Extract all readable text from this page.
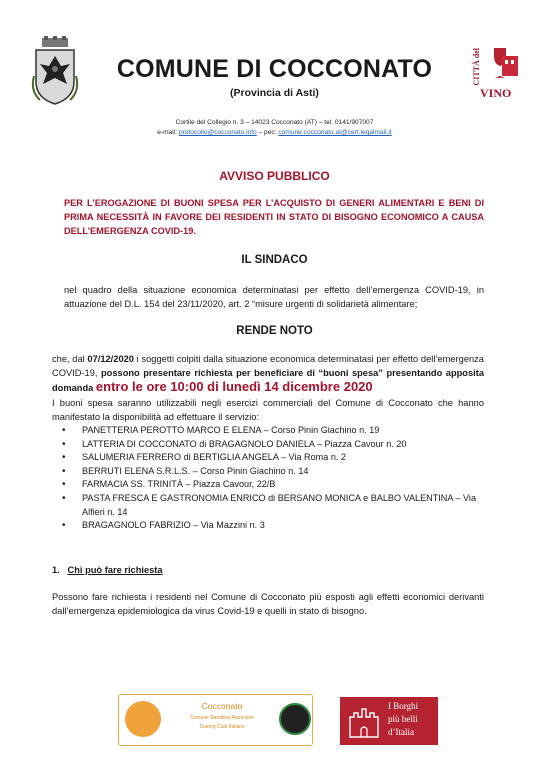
COMUNE DI COCCONATO
(Provincia di Asti)
CITTÀ del
VINO
Cortile del Collegio n. 3 – 14023 Cocconato (AT) – tel. 0141/907007
e-mail: protocollo@cocconato.info – pec: comune.cocconato.at@cert.legalmail.it
AVVISO PUBBLICO
PER L’EROGAZIONE DI BUONI SPESA PER L’ACQUISTO DI GENERI ALIMENTARI E BENI DI PRIMA NECESSITÀ IN FAVORE DEI RESIDENTI IN STATO DI BISOGNO ECONOMICO A CAUSA DELL’EMERGENZA COVID-19.
IL SINDACO
nel quadro della situazione economica determinatasi per effetto dell’emergenza COVID-19, in attuazione del D.L. 154 del 23/11/2020, art. 2 “misure urgenti di solidarietà alimentare;
RENDE NOTO
che, dal 07/12/2020 i soggetti colpiti dalla situazione economica determinatasi per effetto dell’emergenza COVID-19, possono presentare richiesta per beneficiare di “buoni spesa” presentando apposita domanda entro le ore 10:00 di lunedì 14 dicembre 2020
I buoni spesa saranno utilizzabili negli esercizi commerciali del Comune di Cocconato che hanno manifestato la disponibilità ad effettuare il servizio:
• PANETTERIA PEROTTO MARCO E ELENA – Corso Pinin Giachino n. 19
• LATTERIA DI COCCONATO di BRAGAGNOLO DANIELA – Piazza Cavour n. 20
• SALUMERIA FERRERO di BERTIGLIA ANGELA – Via Roma n. 2
• BERRUTI ELENA S.R.L.S. – Corso Pinin Giachino n. 14
• FARMACIA SS. TRINITÀ – Piazza Cavour, 22/B
• PASTA FRESCA E GASTRONOMIA ENRICO di BERSANO MONICA e BALBO VALENTINA – Via Alfieri n. 14
• BRAGAGNOLO FABRIZIO – Via Mazzini n. 3
1. Chi può fare richiesta
Possono fare richiesta i residenti nel Comune di Cocconato più esposti agli effetti economici derivanti dall’emergenza epidemiologica da virus Covid-19 e quelli in stato di bisogno.
Cocconato
Comune Bandiera Arancione
Touring Club Italiano
I Borghi
più belli
d’Italia
